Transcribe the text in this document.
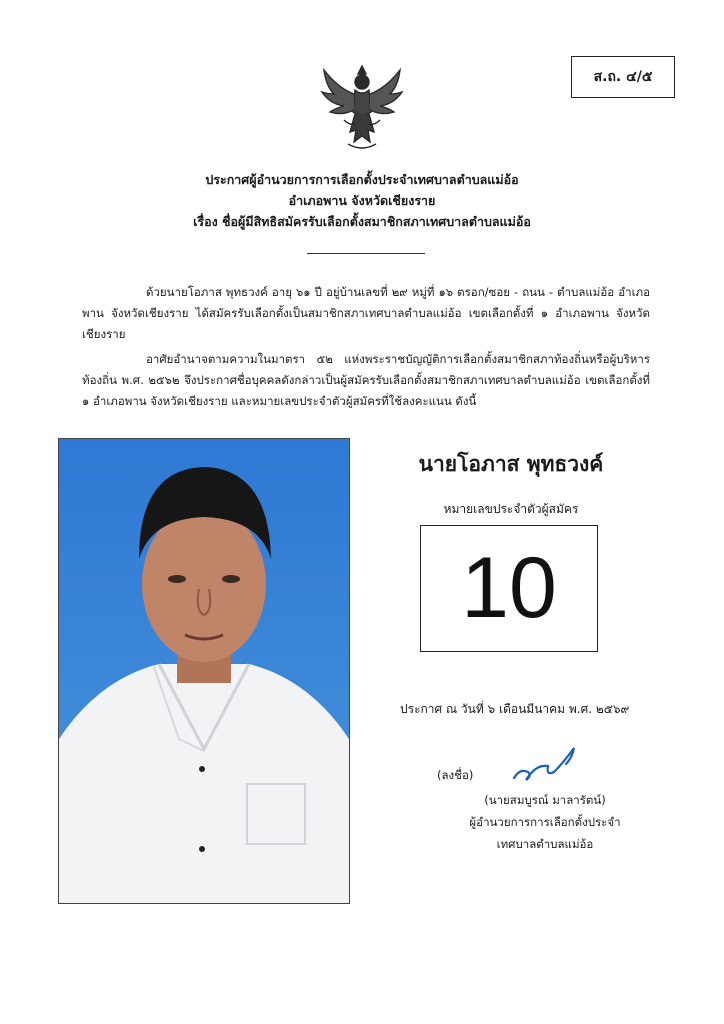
ส.ถ. ๔/๕
ประกาศผู้อำนวยการการเลือกตั้งประจำเทศบาลตำบลแม่อ้อ
อำเภอพาน จังหวัดเชียงราย
เรื่อง ชื่อผู้มีสิทธิสมัครรับเลือกตั้งสมาชิกสภาเทศบาลตำบลแม่อ้อ

ด้วยนายโอภาส พุทธวงค์ อายุ ๖๑ ปี อยู่บ้านเลขที่ ๒๙ หมู่ที่ ๑๖ ตรอก/ซอย - ถนน - ตำบลแม่อ้อ อำเภอพาน จังหวัดเชียงราย ได้สมัครรับเลือกตั้งเป็นสมาชิกสภาเทศบาลตำบลแม่อ้อ เขตเลือกตั้งที่ ๑ อำเภอพาน จังหวัดเชียงราย

อาศัยอำนาจตามความในมาตรา ๕๒ แห่งพระราชบัญญัติการเลือกตั้งสมาชิกสภาท้องถิ่นหรือผู้บริหารท้องถิ่น พ.ศ. ๒๕๖๒ จึงประกาศชื่อบุคคลดังกล่าวเป็นผู้สมัครรับเลือกตั้งสมาชิกสภาเทศบาลตำบลแม่อ้อ เขตเลือกตั้งที่ ๑ อำเภอพาน จังหวัดเชียงราย และหมายเลขประจำตัวผู้สมัครที่ใช้ลงคะแนน ดังนี้

นายโอภาส พุทธวงค์
หมายเลขประจำตัวผู้สมัคร
10
ประกาศ ณ วันที่ ๖ เดือนมีนาคม พ.ศ. ๒๕๖๙
(ลงชื่อ)
(นายสมบูรณ์ มาลารัตน์)
ผู้อำนวยการการเลือกตั้งประจำ
เทศบาลตำบลแม่อ้อ
